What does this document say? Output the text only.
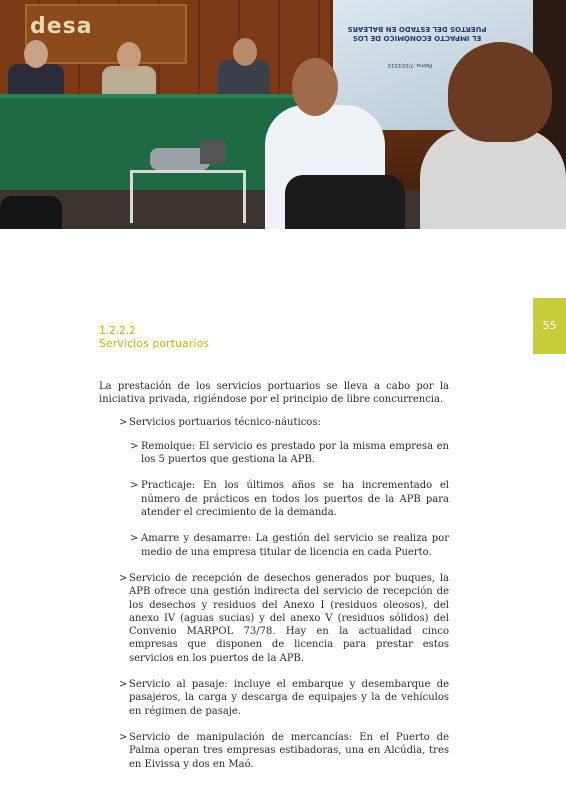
desa	EL IMPACTO ECONÓMICO DE LOS PUERTOS DEL ESTADO EN BALEARS
Palma, 7/10/2010
55
1.2.2.2
Servicios portuarios

La prestación de los servicios portuarios se lleva a cabo por la iniciativa privada, rigiéndose por el principio de libre concurrencia.

> Servicios portuarios técnico-náuticos:
> Remolque: El servicio es prestado por la misma empresa en los 5 puertos que gestiona la APB.
> Practicaje: En los últimos años se ha incrementado el número de prácticos en todos los puertos de la APB para atender el crecimiento de la demanda.
> Amarre y desamarre: La gestión del servicio se realiza por medio de una empresa titular de licencia en cada Puerto.
> Servicio de recepción de desechos generados por buques, la APB ofrece una gestión indirecta del servicio de recepción de los desechos y residuos del Anexo I (residuos oleosos), del anexo IV (aguas sucias) y del anexo V (residuos sólidos) del Convenio MARPOL 73/78. Hay en la actualidad cinco empresas que disponen de licencia para prestar estos servicios en los puertos de la APB.
> Servicio al pasaje: incluye el embarque y desembarque de pasajeros, la carga y descarga de equipajes y la de vehículos en régimen de pasaje.
> Servicio de manipulación de mercancías: En el Puerto de Palma operan tres empresas estibadoras, una en Alcúdia, tres en Eivissa y dos en Maó.
